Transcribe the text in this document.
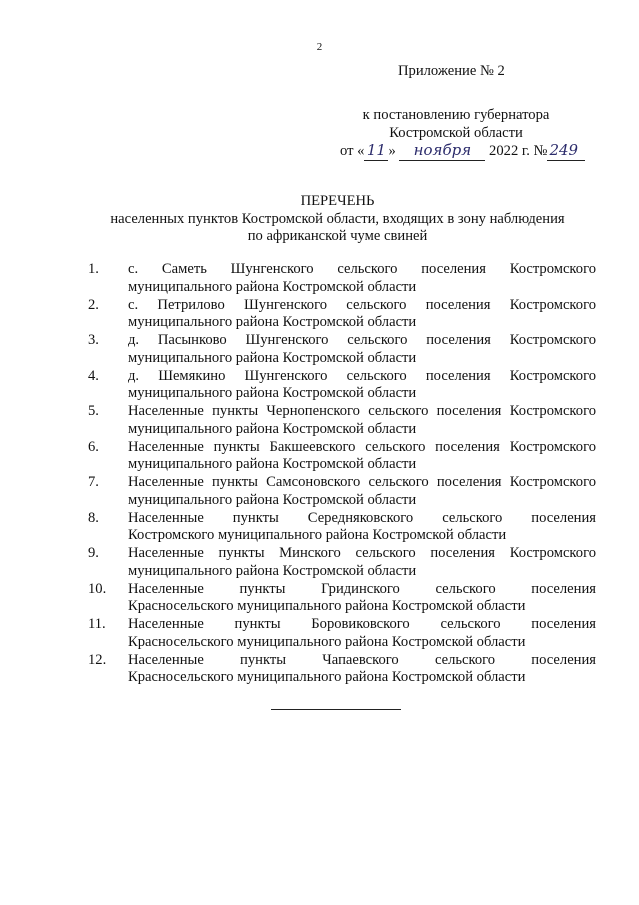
2
Приложение № 2
к постановлению губернатора
Костромской области
от « 11 » ноября 2022 г. № 249
ПЕРЕЧЕНЬ
населенных пунктов Костромской области, входящих в зону наблюдения
по африканской чуме свиней
1.	с. Саметь Шунгенского сельского поселения Костромского
муниципального района Костромской области
2.	с. Петрилово Шунгенского сельского поселения Костромского
муниципального района Костромской области
3.	д. Пасынково Шунгенского сельского поселения Костромского
муниципального района Костромской области
4.	д. Шемякино Шунгенского сельского поселения Костромского
муниципального района Костромской области
5.	Населенные пункты Чернопенского сельского поселения Костромского
муниципального района Костромской области
6.	Населенные пункты Бакшеевского сельского поселения Костромского
муниципального района Костромской области
7.	Населенные пункты Самсоновского сельского поселения Костромского
муниципального района Костромской области
8.	Населенные пункты Середняковского сельского поселения
Костромского муниципального района Костромской области
9.	Населенные пункты Минского сельского поселения Костромского
муниципального района Костромской области
10.	Населенные пункты Гридинского сельского поселения
Красносельского муниципального района Костромской области
11.	Населенные пункты Боровиковского сельского поселения
Красносельского муниципального района Костромской области
12.	Населенные пункты Чапаевского сельского поселения
Красносельского муниципального района Костромской области
